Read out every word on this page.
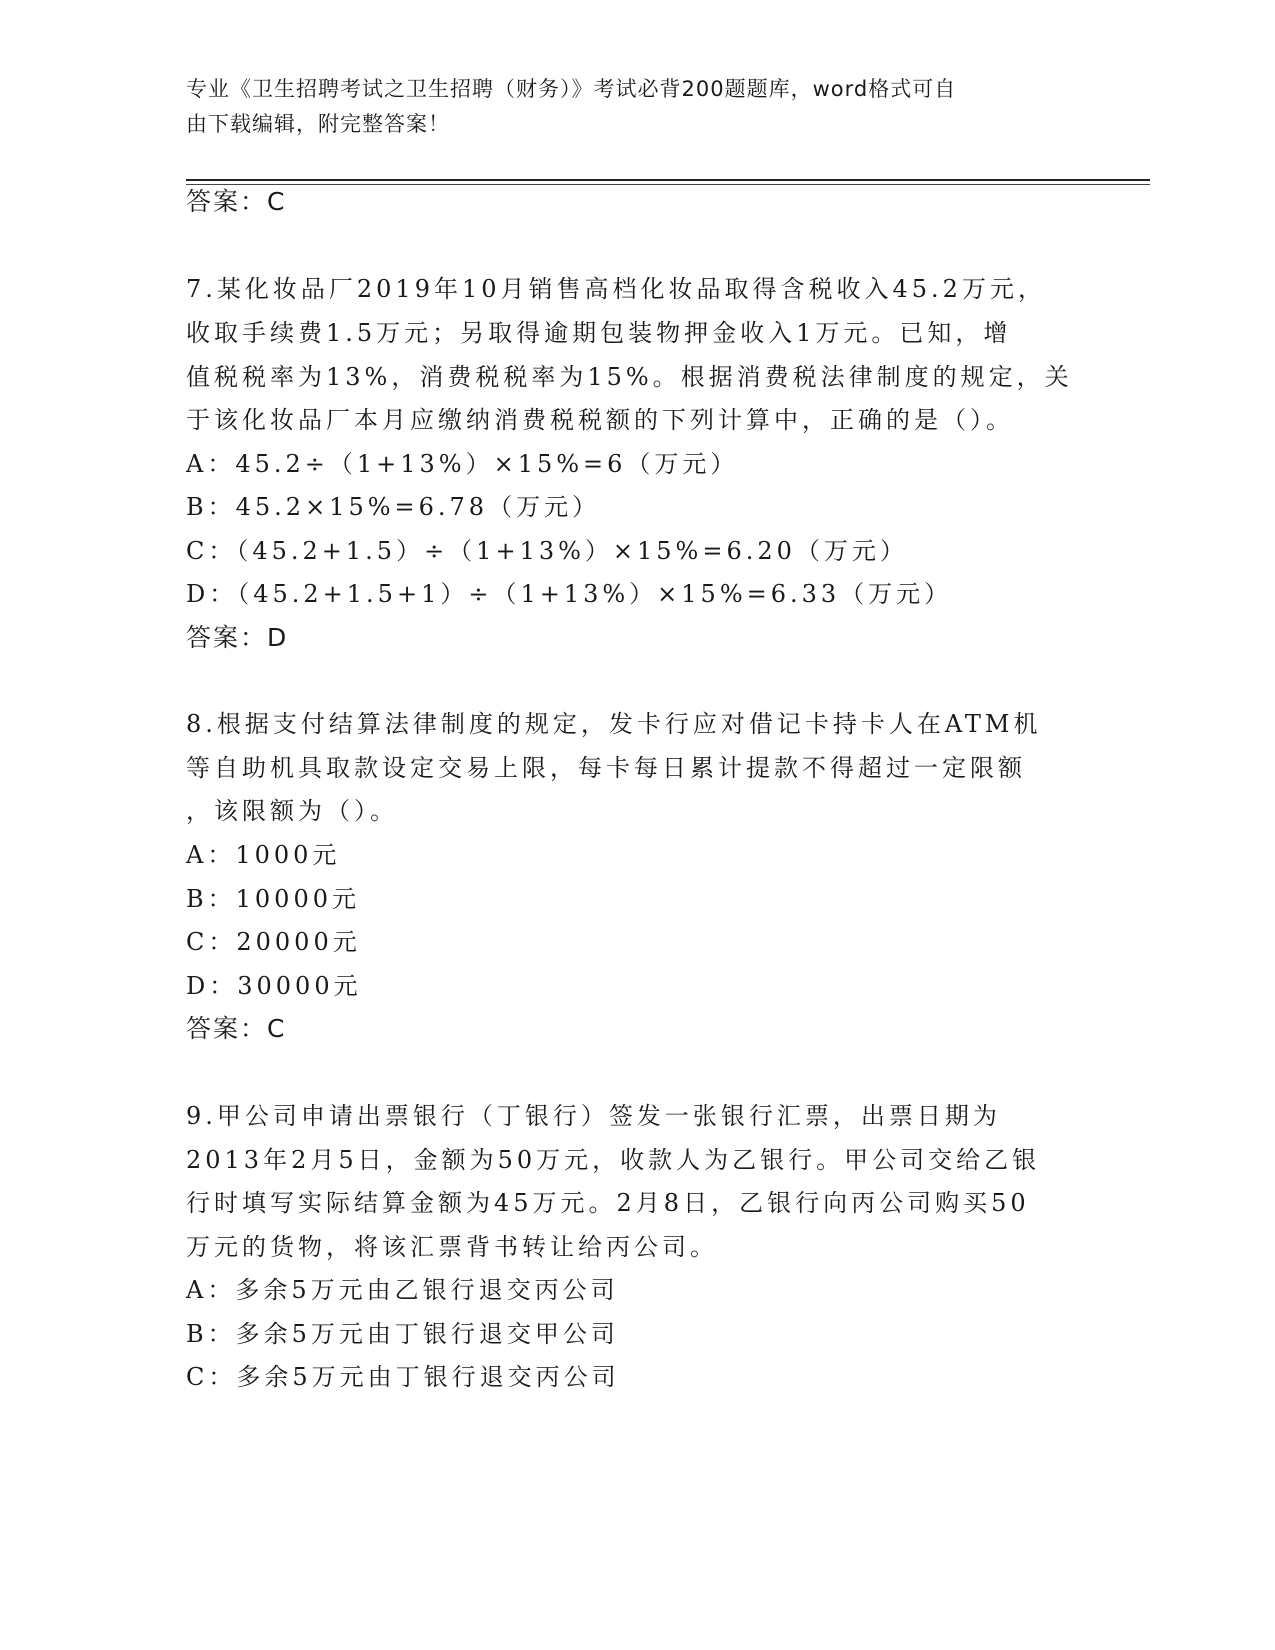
专业《卫生招聘考试之卫生招聘（财务）》考试必背200题题库，word格式可自
由下载编辑，附完整答案！
答案：C
7.某化妆品厂2019年10月销售高档化妆品取得含税收入45.2万元，
收取手续费1.5万元；另取得逾期包装物押金收入1万元。已知，增
值税税率为13%，消费税税率为15%。根据消费税法律制度的规定，关
于该化妆品厂本月应缴纳消费税税额的下列计算中，正确的是（）。
A：45.2÷（1+13%）×15%=6（万元）
B：45.2×15%=6.78（万元）
C：（45.2+1.5）÷（1+13%）×15%=6.20（万元）
D：（45.2+1.5+1）÷（1+13%）×15%=6.33（万元）
答案：D
8.根据支付结算法律制度的规定，发卡行应对借记卡持卡人在ATM机
等自助机具取款设定交易上限，每卡每日累计提款不得超过一定限额
，该限额为（）。
A：1000元
B：10000元
C：20000元
D：30000元
答案：C
9.甲公司申请出票银行（丁银行）签发一张银行汇票，出票日期为
2013年2月5日，金额为50万元，收款人为乙银行。甲公司交给乙银
行时填写实际结算金额为45万元。2月8日，乙银行向丙公司购买50
万元的货物，将该汇票背书转让给丙公司。
A：多余5万元由乙银行退交丙公司
B：多余5万元由丁银行退交甲公司
C：多余5万元由丁银行退交丙公司
